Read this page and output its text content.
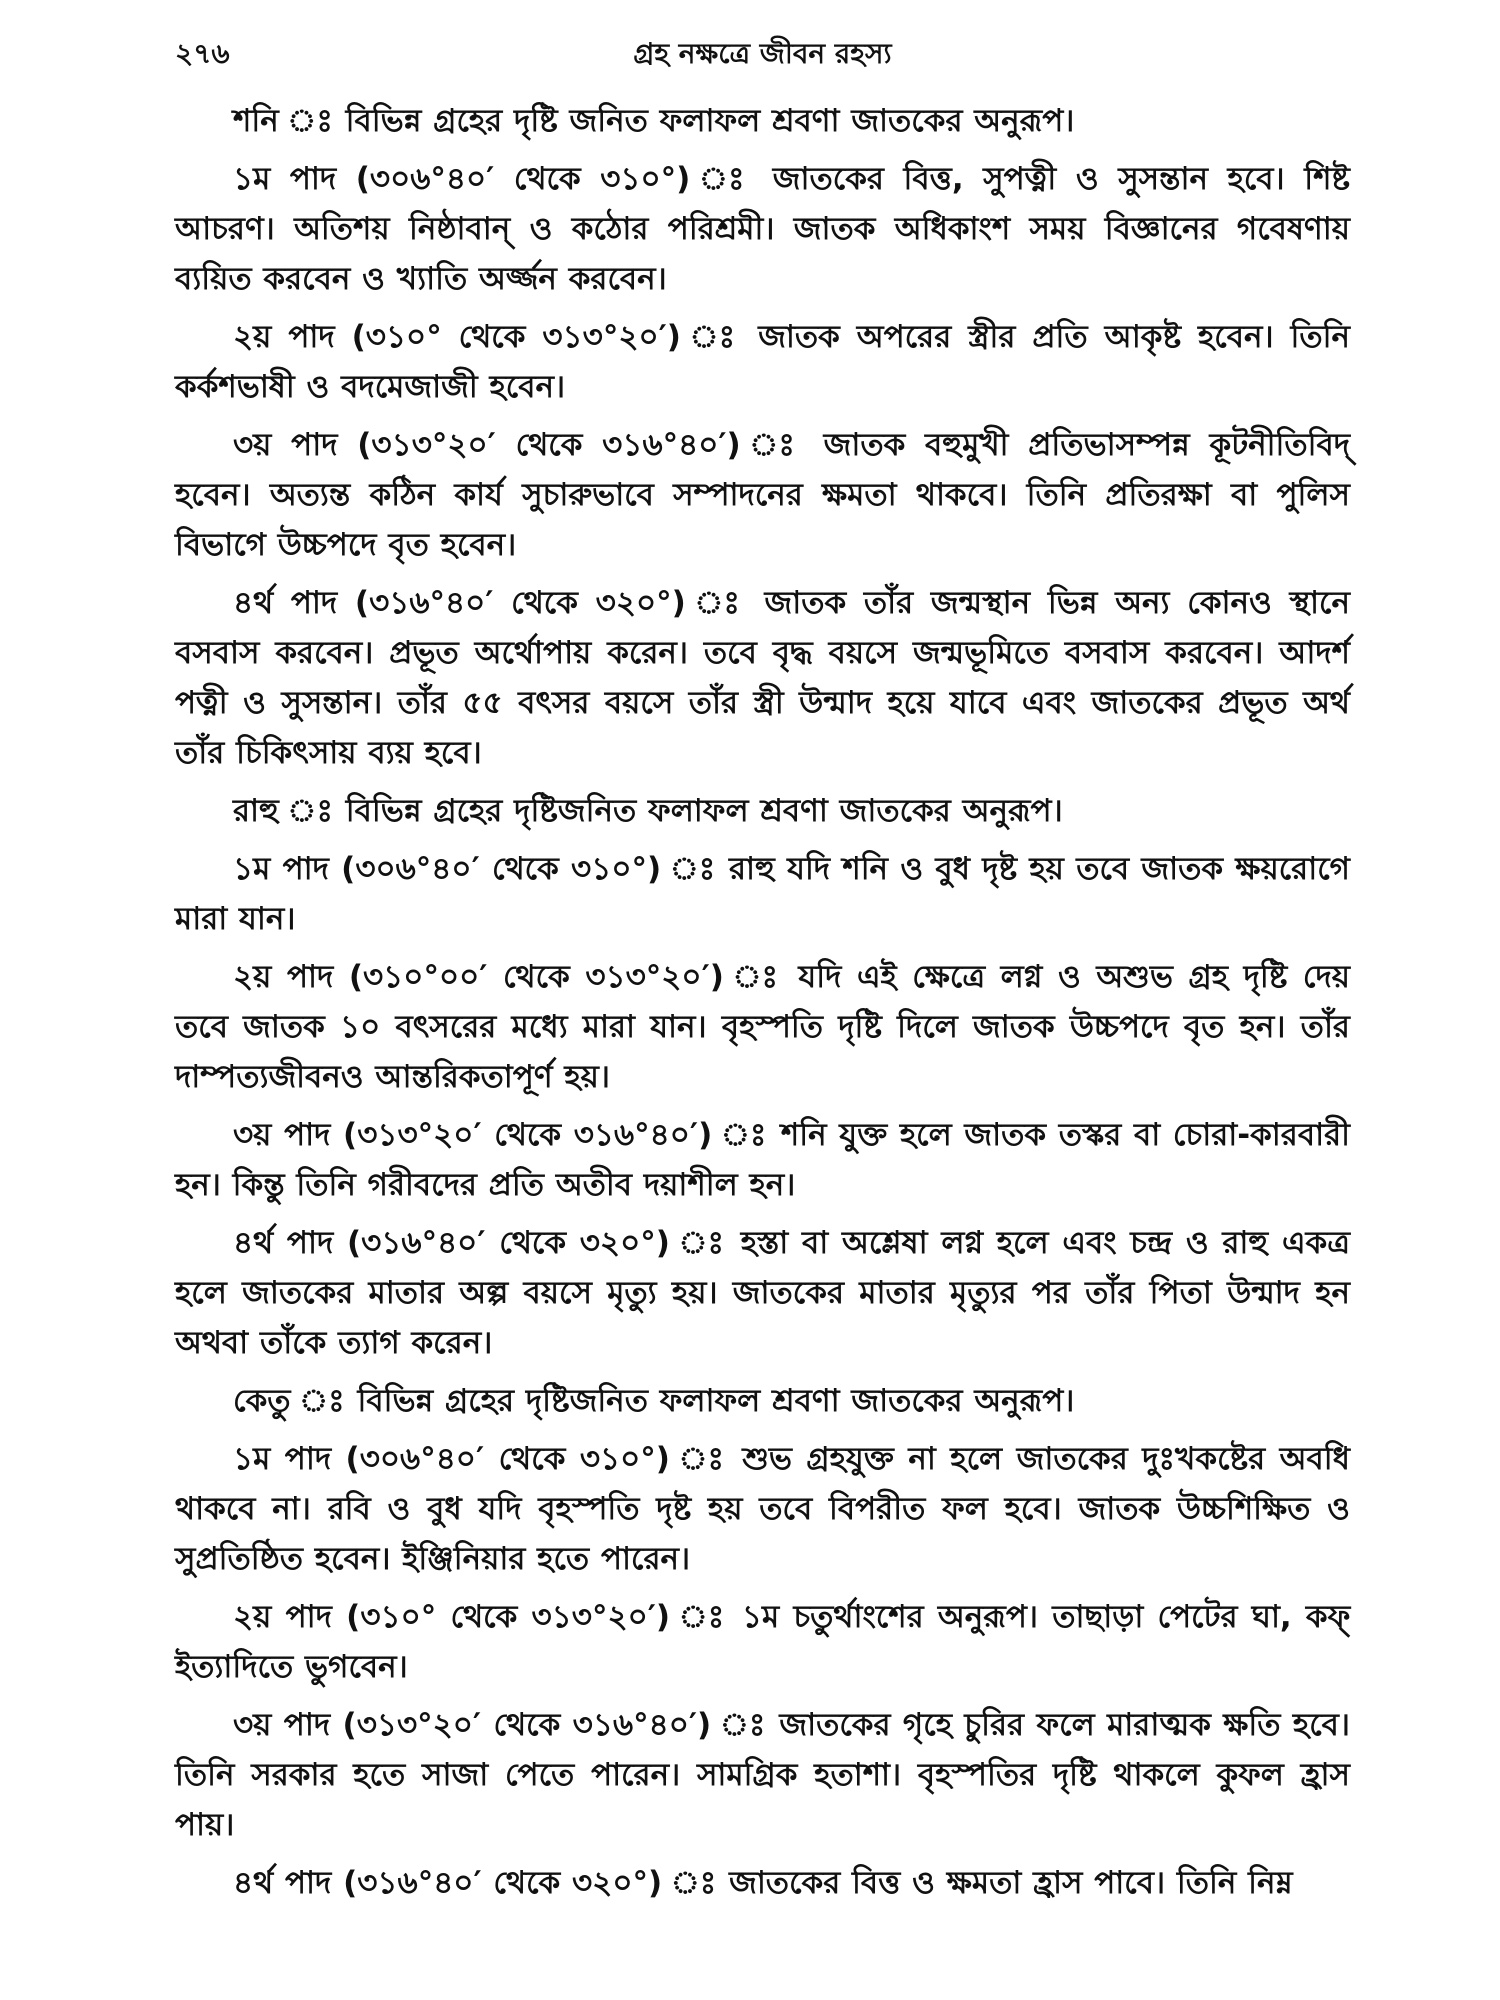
২৭৬	গ্রহ নক্ষত্রে জীবন রহস্য

শনি ঃ বিভিন্ন গ্রহের দৃষ্টি জনিত ফলাফল শ্রবণা জাতকের অনুরূপ।

১ম পাদ (৩০৬°৪০′ থেকে ৩১০°) ঃ জাতকের বিত্ত, সুপত্নী ও সুসন্তান হবে। শিষ্ট আচরণ। অতিশয় নিষ্ঠাবান্ ও কঠোর পরিশ্রমী। জাতক অধিকাংশ সময় বিজ্ঞানের গবেষণায় ব্যয়িত করবেন ও খ্যাতি অর্জ্জন করবেন।

২য় পাদ (৩১০° থেকে ৩১৩°২০′) ঃ জাতক অপরের স্ত্রীর প্রতি আকৃষ্ট হবেন। তিনি কর্কশভাষী ও বদমেজাজী হবেন।

৩য় পাদ (৩১৩°২০′ থেকে ৩১৬°৪০′) ঃ জাতক বহুমুখী প্রতিভাসম্পন্ন কূটনীতিবিদ্ হবেন। অত্যন্ত কঠিন কার্য সুচারুভাবে সম্পাদনের ক্ষমতা থাকবে। তিনি প্রতিরক্ষা বা পুলিস বিভাগে উচ্চপদে বৃত হবেন।

৪র্থ পাদ (৩১৬°৪০′ থেকে ৩২০°) ঃ জাতক তাঁর জন্মস্থান ভিন্ন অন্য কোনও স্থানে বসবাস করবেন। প্রভূত অর্থোপায় করেন। তবে বৃদ্ধ বয়সে জন্মভূমিতে বসবাস করবেন। আদর্শ পত্নী ও সুসন্তান। তাঁর ৫৫ বৎসর বয়সে তাঁর স্ত্রী উন্মাদ হয়ে যাবে এবং জাতকের প্রভূত অর্থ তাঁর চিকিৎসায় ব্যয় হবে।

রাহু ঃ বিভিন্ন গ্রহের দৃষ্টিজনিত ফলাফল শ্রবণা জাতকের অনুরূপ।

১ম পাদ (৩০৬°৪০′ থেকে ৩১০°) ঃ রাহু যদি শনি ও বুধ দৃষ্ট হয় তবে জাতক ক্ষয়রোগে মারা যান।

২য় পাদ (৩১০°০০′ থেকে ৩১৩°২০′) ঃ যদি এই ক্ষেত্রে লগ্ন ও অশুভ গ্রহ দৃষ্টি দেয় তবে জাতক ১০ বৎসরের মধ্যে মারা যান। বৃহস্পতি দৃষ্টি দিলে জাতক উচ্চপদে বৃত হন। তাঁর দাম্পত্যজীবনও আন্তরিকতাপূর্ণ হয়।

৩য় পাদ (৩১৩°২০′ থেকে ৩১৬°৪০′) ঃ শনি যুক্ত হলে জাতক তস্কর বা চোরা-কারবারী হন। কিন্তু তিনি গরীবদের প্রতি অতীব দয়াশীল হন।

৪র্থ পাদ (৩১৬°৪০′ থেকে ৩২০°) ঃ হস্তা বা অশ্লেষা লগ্ন হলে এবং চন্দ্র ও রাহু একত্র হলে জাতকের মাতার অল্প বয়সে মৃত্যু হয়। জাতকের মাতার মৃত্যুর পর তাঁর পিতা উন্মাদ হন অথবা তাঁকে ত্যাগ করেন।

কেতু ঃ বিভিন্ন গ্রহের দৃষ্টিজনিত ফলাফল শ্রবণা জাতকের অনুরূপ।

১ম পাদ (৩০৬°৪০′ থেকে ৩১০°) ঃ শুভ গ্রহযুক্ত না হলে জাতকের দুঃখকষ্টের অবধি থাকবে না। রবি ও বুধ যদি বৃহস্পতি দৃষ্ট হয় তবে বিপরীত ফল হবে। জাতক উচ্চশিক্ষিত ও সুপ্রতিষ্ঠিত হবেন। ইঞ্জিনিয়ার হতে পারেন।

২য় পাদ (৩১০° থেকে ৩১৩°২০′) ঃ ১ম চতুর্থাংশের অনুরূপ। তাছাড়া পেটের ঘা, কফ্ ইত্যাদিতে ভুগবেন।

৩য় পাদ (৩১৩°২০′ থেকে ৩১৬°৪০′) ঃ জাতকের গৃহে চুরির ফলে মারাত্মক ক্ষতি হবে। তিনি সরকার হতে সাজা পেতে পারেন। সামগ্রিক হতাশা। বৃহস্পতির দৃষ্টি থাকলে কুফল হ্রাস পায়।

৪র্থ পাদ (৩১৬°৪০′ থেকে ৩২০°) ঃ জাতকের বিত্ত ও ক্ষমতা হ্রাস পাবে। তিনি নিম্ন
